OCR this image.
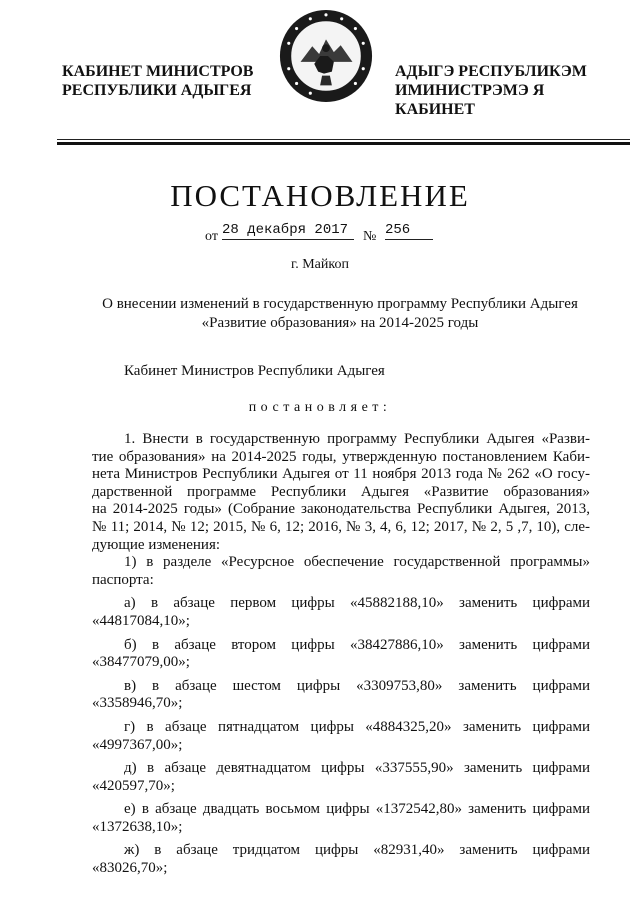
КАБИНЕТ МИНИСТРОВ
РЕСПУБЛИКИ АДЫГЕЯ
АДЫГЭ РЕСПУБЛИКЭМ
ИМИНИСТРЭМЭ Я КАБИНЕТ
ПОСТАНОВЛЕНИЕ
от 28 декабря 2017	№ 256
г. Майкоп
О внесении изменений в государственную программу Республики Адыгея
«Развитие образования» на 2014-2025 годы
Кабинет Министров Республики Адыгея
постановляет:
1. Внести в государственную программу Республики Адыгея «Разви-
тие образования» на 2014-2025 годы, утвержденную постановлением Каби-
нета Министров Республики Адыгея от 11 ноября 2013 года № 262 «О госу-
дарственной программе Республики Адыгея «Развитие образования»
на 2014-2025 годы» (Собрание законодательства Республики Адыгея, 2013,
№ 11; 2014, № 12; 2015, № 6, 12; 2016, № 3, 4, 6, 12; 2017, № 2, 5 ,7, 10), сле-
дующие изменения:
1) в разделе «Ресурсное обеспечение государственной программы»
паспорта:
а) в абзаце первом цифры «45882188,10» заменить цифрами
«44817084,10»;
б) в абзаце втором цифры «38427886,10» заменить цифрами
«38477079,00»;
в) в абзаце шестом цифры «3309753,80» заменить цифрами
«3358946,70»;
г) в абзаце пятнадцатом цифры «4884325,20» заменить цифрами
«4997367,00»;
д) в абзаце девятнадцатом цифры «337555,90» заменить цифрами
«420597,70»;
е) в абзаце двадцать восьмом цифры «1372542,80» заменить цифрами
«1372638,10»;
ж) в абзаце тридцатом цифры «82931,40» заменить цифрами
«83026,70»;
